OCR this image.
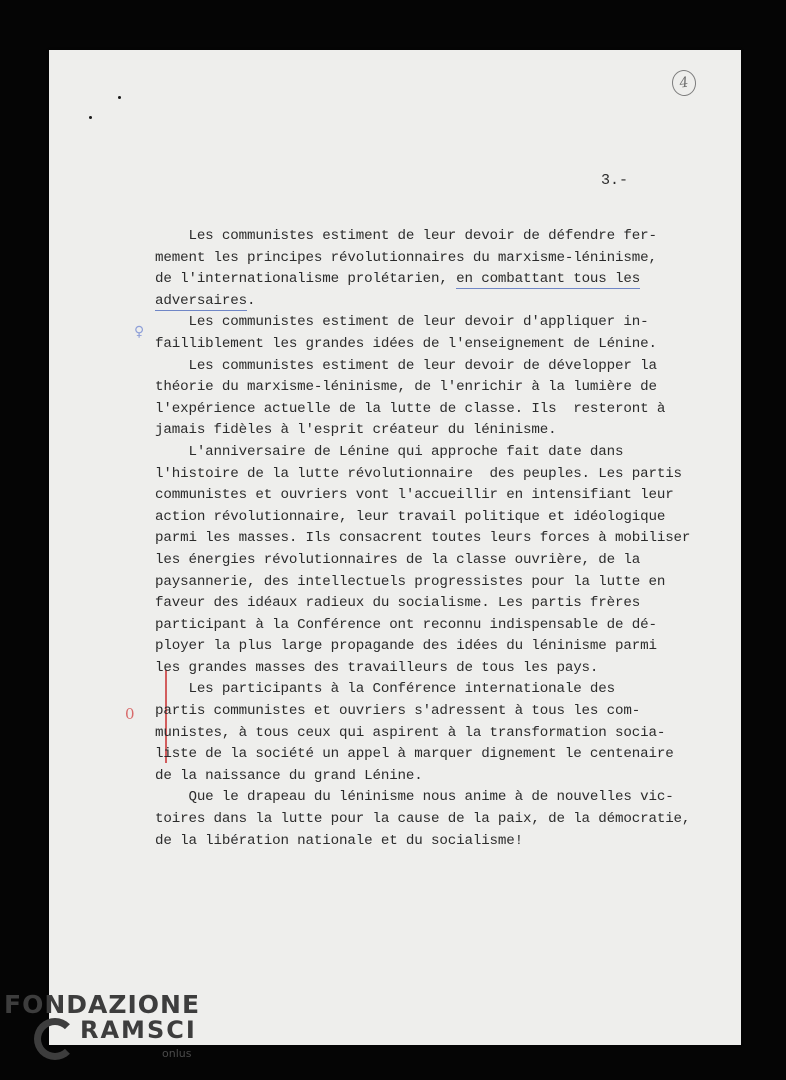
4
3.-
♀
0
Les communistes estiment de leur devoir de défendre fer-
mement les principes révolutionnaires du marxisme-léninisme,
de l'internationalisme prolétarien, en combattant tous les
adversaires.
Les communistes estiment de leur devoir d'appliquer in-
failliblement les grandes idées de l'enseignement de Lénine.
Les communistes estiment de leur devoir de développer la
théorie du marxisme-léninisme, de l'enrichir à la lumière de
l'expérience actuelle de la lutte de classe. Ils  resteront à
jamais fidèles à l'esprit créateur du léninisme.
L'anniversaire de Lénine qui approche fait date dans
l'histoire de la lutte révolutionnaire  des peuples. Les partis
communistes et ouvriers vont l'accueillir en intensifiant leur
action révolutionnaire, leur travail politique et idéologique
parmi les masses. Ils consacrent toutes leurs forces à mobiliser
les énergies révolutionnaires de la classe ouvrière, de la
paysannerie, des intellectuels progressistes pour la lutte en
faveur des idéaux radieux du socialisme. Les partis frères
participant à la Conférence ont reconnu indispensable de dé-
ployer la plus large propagande des idées du léninisme parmi
les grandes masses des travailleurs de tous les pays.
Les participants à la Conférence internationale des
partis communistes et ouvriers s'adressent à tous les com-
munistes, à tous ceux qui aspirent à la transformation socia-
liste de la société un appel à marquer dignement le centenaire
de la naissance du grand Lénine.
Que le drapeau du léninisme nous anime à de nouvelles vic-
toires dans la lutte pour la cause de la paix, de la démocratie,
de la libération nationale et du socialisme!
FONDAZIONE
RAMSCI
onlus
